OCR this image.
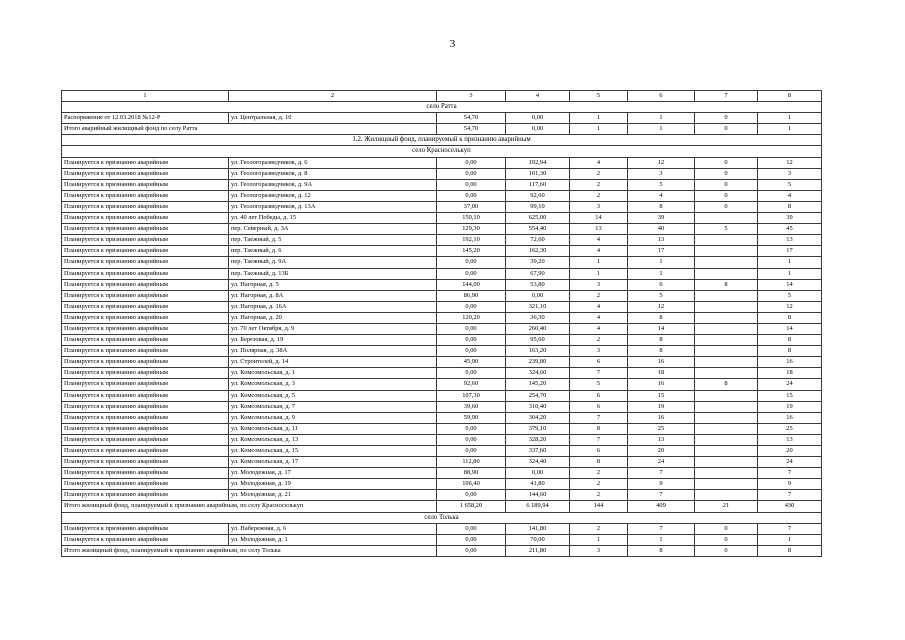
3
1	2	3	4	5	6	7	8
село Ратта							
Распоряжение от 12.03.2018 №12-Р	ул. Центральная, д. 10	54,70	0,00	1	1	0	1
Итого аварийный жилищный фонд по селу Ратта		54,70	0,00	1	1	0	1
1.2. Жилищный фонд, планируемый к признанию аварийным							
село Красноселькуп							
Планируется к признанию аварийным	ул. Геологоразведчиков, д. 6	0,00	192,94	4	12	0	12
Планируется к признанию аварийным	ул. Геологоразведчиков, д. 8	0,00	101,30	2	3	0	3
Планируется к признанию аварийным	ул. Геологоразведчиков, д. 9А	0,00	117,60	2	5	0	5
Планируется к признанию аварийным	ул. Геологоразведчиков, д. 12	0,00	92,60	2	4	0	4
Планируется к признанию аварийным	ул. Геологоразведчиков, д. 13А	37,00	99,10	3	8	0	8
Планируется к признанию аварийным	ул. 40 лет Победы, д. 15	150,10	625,00	14	39		39
Планируется к признанию аварийным	пер. Северный, д. 3А	129,30	554,40	13	40	5	45
Планируется к признанию аварийным	пер. Таежный, д. 5	192,10	72,60	4	13		13
Планируется к признанию аварийным	пер. Таежный, д. 6	145,20	162,30	4	17		17
Планируется к признанию аварийным	пер. Таежный, д. 9А	0,00	39,20	1	1		1
Планируется к признанию аварийным	пер. Таежный, д. 13Б	0,00	67,90	1	1		1
Планируется к признанию аварийным	ул. Нагорная, д. 5	144,00	53,80	3	6	8	14
Планируется к признанию аварийным	ул. Нагорная, д. 8А	86,90	0,00	2	5		5
Планируется к признанию аварийным	ул. Нагорная, д. 16А	0,00	321,10	4	12		12
Планируется к признанию аварийным	ул. Нагорная, д. 20	120,20	36,30	4	8		8
Планируется к признанию аварийным	ул. 70 лет Октября, д. 9	0,00	260,40	4	14		14
Планируется к признанию аварийным	ул. Березовая, д. 19	0,00	95,60	2	8		8
Планируется к признанию аварийным	ул. Полярная, д. 38А	0,00	163,20	3	8		8
Планируется к признанию аварийным	ул. Строителей, д. 14	45,90	239,80	6	16		16
Планируется к признанию аварийным	ул. Комсомольская, д. 1	0,00	324,60	7	18		18
Планируется к признанию аварийным	ул. Комсомольская, д. 3	92,60	145,20	5	16	8	24
Планируется к признанию аварийным	ул. Комсомольская, д. 5	107,30	254,70	6	15		15
Планируется к признанию аварийным	ул. Комсомольская, д. 7	39,60	310,40	6	19		19
Планируется к признанию аварийным	ул. Комсомольская, д. 9	59,90	304,20	7	16		16
Планируется к признанию аварийным	ул. Комсомольская, д. 11	0,00	379,10	8	25		25
Планируется к признанию аварийным	ул. Комсомольская, д. 13	0,00	328,20	7	13		13
Планируется к признанию аварийным	ул. Комсомольская, д. 15	0,00	337,60	6	20		20
Планируется к признанию аварийным	ул. Комсомольская, д. 17	112,80	324,40	8	24		24
Планируется к признанию аварийным	ул. Молодежная, д. 17	88,90	0,00	2	7		7
Планируется к признанию аварийным	ул. Молодежная, д. 19	106,40	41,80	2	9		9
Планируется к признанию аварийным	ул. Молодежная, д. 21	0,00	144,60	2	7		7
Итого жилищный фонд, планируемый к признанию аварийным, по селу Красноселькуп		1 658,20	6 189,94	144	409	21	430
село Толька							
Планируется к признанию аварийным	ул. Набережная, д. 6	0,00	141,80	2	7	0	7
Планируется к признанию аварийным	ул. Молодежная, д. 1	0,00	70,00	1	1	0	1
Итого жилищный фонд, планируемый к признанию аварийным, по селу Толька		0,00	211,80	3	8	0	8
